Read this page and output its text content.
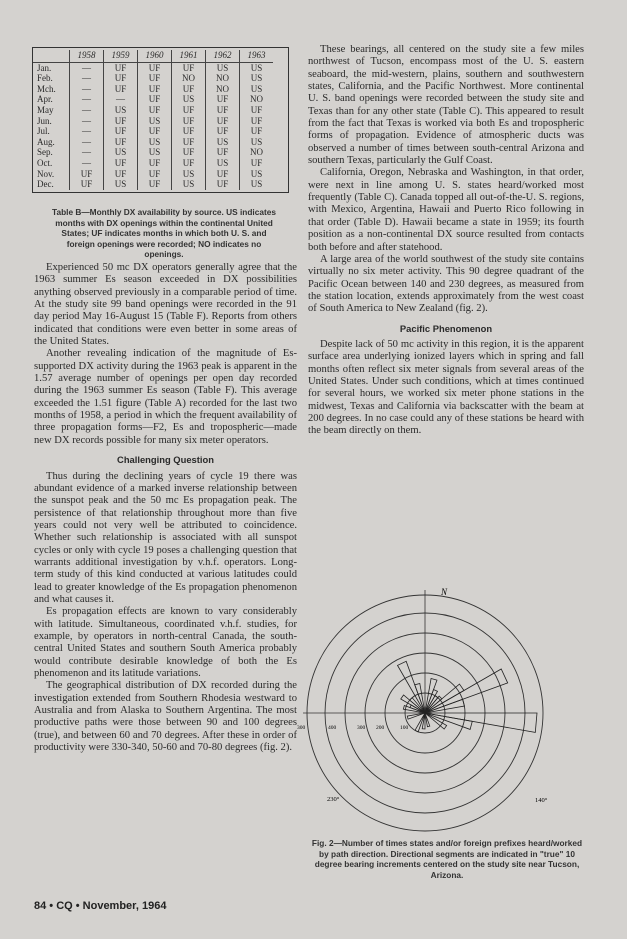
	1958	1959	1960	1961	1962	1963
Jan.	—	UF	UF	UF	US	US
Feb.	—	UF	UF	NO	NO	US
Mch.	—	UF	UF	UF	NO	US
Apr.	—	—	UF	US	UF	NO
May	—	US	UF	UF	UF	UF
Jun.	—	UF	US	UF	UF	UF
Jul.	—	UF	UF	UF	UF	UF
Aug.	—	UF	US	UF	US	US
Sep.	—	US	US	UF	UF	NO
Oct.	—	UF	UF	UF	US	UF
Nov.	UF	UF	UF	US	UF	US
Dec.	UF	US	UF	US	UF	US
Table B—Monthly DX availability by source. US indicates months with DX openings within the continental United States; UF indicates months in which both U. S. and foreign openings were recorded; NO indicates no openings.

Experienced 50 mc DX operators generally agree that the 1963 summer Es season exceeded in DX possibilities anything observed previously in a comparable period of time. At the study site 99 band openings were recorded in the 91 day period May 16-August 15 (Table F). Reports from others indicated that conditions were even better in some areas of the United States.

Another revealing indication of the magnitude of Es-supported DX activity during the 1963 peak is apparent in the 1.57 average number of openings per open day recorded during the 1963 summer Es season (Table F). This average exceeded the 1.51 figure (Table A) recorded for the last two months of 1958, a period in which the frequent availability of three propagation forms—F2, Es and tropospheric—made new DX records possible for many six meter operators.

Challenging Question

Thus during the declining years of cycle 19 there was abundant evidence of a marked inverse relationship between the sunspot peak and the 50 mc Es propagation peak. The persistence of that relationship throughout more than five years could not very well be attributed to coincidence. Whether such relationship is associated with all sunspot cycles or only with cycle 19 poses a challenging question that warrants additional investigation by v.h.f. operators. Long-term study of this kind conducted at various latitudes could lead to greater knowledge of the Es propagation phenomenon and what causes it.

Es propagation effects are known to vary considerably with latitude. Simultaneous, coordinated v.h.f. studies, for example, by operators in north-central Canada, the south-central United States and southern South America probably would contribute desirable knowledge of both the Es phenomenon and its latitude variations.

The geographical distribution of DX recorded during the investigation extended from Southern Rhodesia westward to Australia and from Alaska to Southern Argentina. The most productive paths were those between 90 and 100 degrees (true), and between 60 and 70 degrees. After these in order of productivity were 330-340, 50-60 and 70-80 degrees (fig. 2).

These bearings, all centered on the study site a few miles northwest of Tucson, encompass most of the U. S. eastern seaboard, the mid-western, plains, southern and southwestern states, California, and the Pacific Northwest. More continental U. S. band openings were recorded between the study site and Texas than for any other state (Table C). This appeared to result from the fact that Texas is worked via both Es and tropospheric forms of propagation. Evidence of atmospheric ducts was observed a number of times between south-central Arizona and southern Texas, particularly the Gulf Coast.

California, Oregon, Nebraska and Washington, in that order, were next in line among U. S. states heard/worked most frequently (Table C). Canada topped all out-of-the-U. S. regions, with Mexico, Argentina, Hawaii and Puerto Rico following in that order (Table D). Hawaii became a state in 1959; its fourth position as a non-continental DX source resulted from contacts both before and after statehood.

A large area of the world southwest of the study site contains virtually no six meter activity. This 90 degree quadrant of the Pacific Ocean between 140 and 230 degrees, as measured from the station location, extends approximately from the west coast of South America to New Zealand (fig. 2).

Pacific Phenomenon

Despite lack of 50 mc activity in this region, it is the apparent surface area underlying ionized layers which in spring and fall months often reflect six meter signals from several areas of the United States. Under such conditions, which at times continued for several hours, we worked six meter phone stations in the midwest, Texas and California via backscatter with the beam at 200 degrees. In no case could any of these stations be heard with the beam directly on them.

N
300	400	300 200	100
230°	140°
Fig. 2—Number of times states and/or foreign prefixes heard/worked by path direction. Directional segments are indicated in "true" 10 degree bearing increments centered on the study site near Tucson, Arizona.
84 • CQ • November, 1964
